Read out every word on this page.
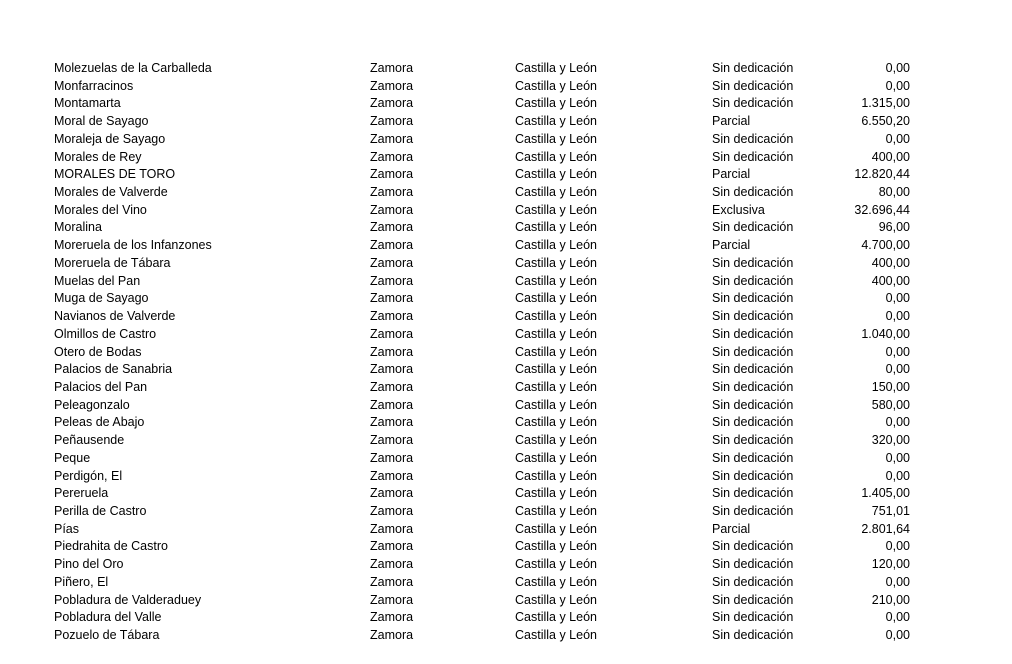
Molezuelas de la Carballeda	Zamora	Castilla y León	Sin dedicación	0,00
Monfarracinos	Zamora	Castilla y León	Sin dedicación	0,00
Montamarta	Zamora	Castilla y León	Sin dedicación	1.315,00
Moral de Sayago	Zamora	Castilla y León	Parcial	6.550,20
Moraleja de Sayago	Zamora	Castilla y León	Sin dedicación	0,00
Morales de Rey	Zamora	Castilla y León	Sin dedicación	400,00
MORALES DE TORO	Zamora	Castilla y León	Parcial	12.820,44
Morales de Valverde	Zamora	Castilla y León	Sin dedicación	80,00
Morales del Vino	Zamora	Castilla y León	Exclusiva	32.696,44
Moralina	Zamora	Castilla y León	Sin dedicación	96,00
Moreruela de los Infanzones	Zamora	Castilla y León	Parcial	4.700,00
Moreruela de Tábara	Zamora	Castilla y León	Sin dedicación	400,00
Muelas del Pan	Zamora	Castilla y León	Sin dedicación	400,00
Muga de Sayago	Zamora	Castilla y León	Sin dedicación	0,00
Navianos de Valverde	Zamora	Castilla y León	Sin dedicación	0,00
Olmillos de Castro	Zamora	Castilla y León	Sin dedicación	1.040,00
Otero de Bodas	Zamora	Castilla y León	Sin dedicación	0,00
Palacios de Sanabria	Zamora	Castilla y León	Sin dedicación	0,00
Palacios del Pan	Zamora	Castilla y León	Sin dedicación	150,00
Peleagonzalo	Zamora	Castilla y León	Sin dedicación	580,00
Peleas de Abajo	Zamora	Castilla y León	Sin dedicación	0,00
Peñausende	Zamora	Castilla y León	Sin dedicación	320,00
Peque	Zamora	Castilla y León	Sin dedicación	0,00
Perdigón, El	Zamora	Castilla y León	Sin dedicación	0,00
Pereruela	Zamora	Castilla y León	Sin dedicación	1.405,00
Perilla de Castro	Zamora	Castilla y León	Sin dedicación	751,01
Pías	Zamora	Castilla y León	Parcial	2.801,64
Piedrahita de Castro	Zamora	Castilla y León	Sin dedicación	0,00
Pino del Oro	Zamora	Castilla y León	Sin dedicación	120,00
Piñero, El	Zamora	Castilla y León	Sin dedicación	0,00
Pobladura de Valderaduey	Zamora	Castilla y León	Sin dedicación	210,00
Pobladura del Valle	Zamora	Castilla y León	Sin dedicación	0,00
Pozuelo de Tábara	Zamora	Castilla y León	Sin dedicación	0,00
